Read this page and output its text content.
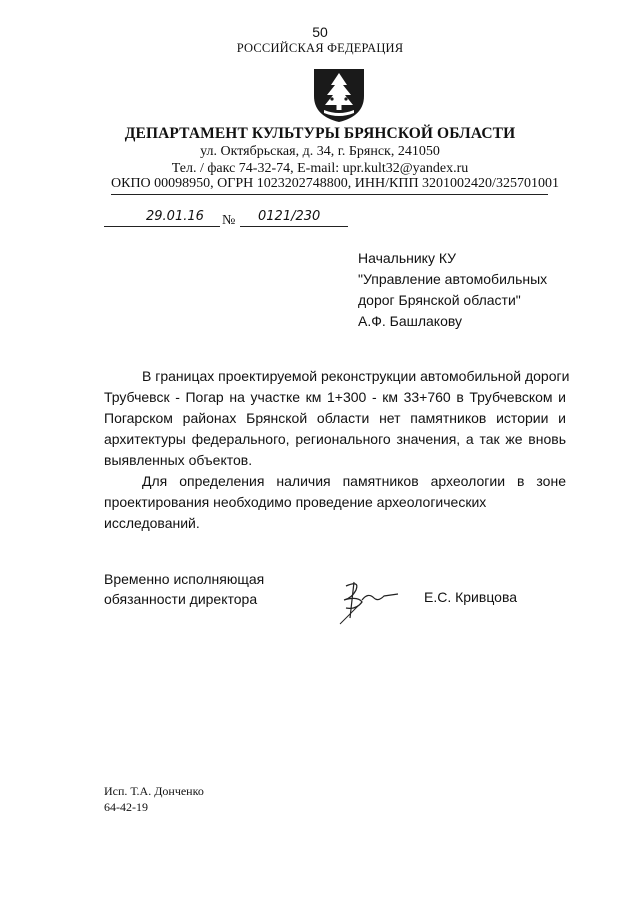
50
РОССИЙСКАЯ ФЕДЕРАЦИЯ
ДЕПАРТАМЕНТ КУЛЬТУРЫ БРЯНСКОЙ ОБЛАСТИ
ул. Октябрьская, д. 34, г. Брянск, 241050
Тел. / факс 74-32-74, E-mail: upr.kult32@yandex.ru
ОКПО 00098950, ОГРН 1023202748800, ИНН/КПП 3201002420/325701001
29.01.16 № 0121/230
Начальнику КУ
"Управление автомобильных
дорог Брянской области"
А.Ф. Башлакову
В границах проектируемой реконструкции автомобильной дороги
Трубчевск - Погар на участке км 1+300 - км 33+760 в Трубчевском и
Погарском районах Брянской области нет памятников истории и
архитектуры федерального, регионального значения, а так же вновь
выявленных объектов.
Для определения наличия памятников археологии в зоне
проектирования необходимо проведение археологических исследований.
Временно исполняющая
обязанности директора	Е.С. Кривцова
Исп. Т.А. Донченко
64-42-19
